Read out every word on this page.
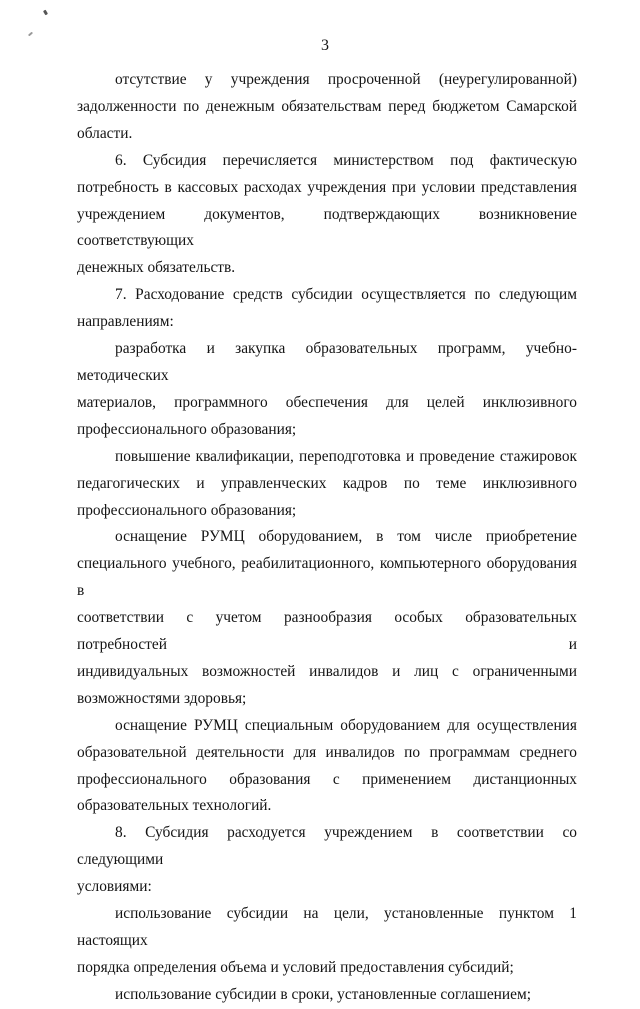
3

отсутствие у учреждения просроченной (неурегулированной)
задолженности по денежным обязательствам перед бюджетом Самарской
области.

6. Субсидия перечисляется министерством под фактическую
потребность в кассовых расходах учреждения при условии представления
учреждением документов, подтверждающих возникновение соответствующих
денежных обязательств.

7. Расходование средств субсидии осуществляется по следующим
направлениям:

разработка и закупка образовательных программ, учебно-методических
материалов, программного обеспечения для целей инклюзивного
профессионального образования;

повышение квалификации, переподготовка и проведение стажировок
педагогических и управленческих кадров по теме инклюзивного
профессионального образования;

оснащение РУМЦ оборудованием, в том числе приобретение
специального учебного, реабилитационного, компьютерного оборудования в
соответствии с учетом разнообразия особых образовательных потребностей и
индивидуальных возможностей инвалидов и лиц с ограниченными
возможностями здоровья;

оснащение РУМЦ специальным оборудованием для осуществления
образовательной деятельности для инвалидов по программам среднего
профессионального образования с применением дистанционных
образовательных технологий.

8. Субсидия расходуется учреждением в соответствии со следующими
условиями:

использование субсидии на цели, установленные пунктом 1 настоящих
порядка определения объема и условий предоставления субсидий;

использование субсидии в сроки, установленные соглашением;
